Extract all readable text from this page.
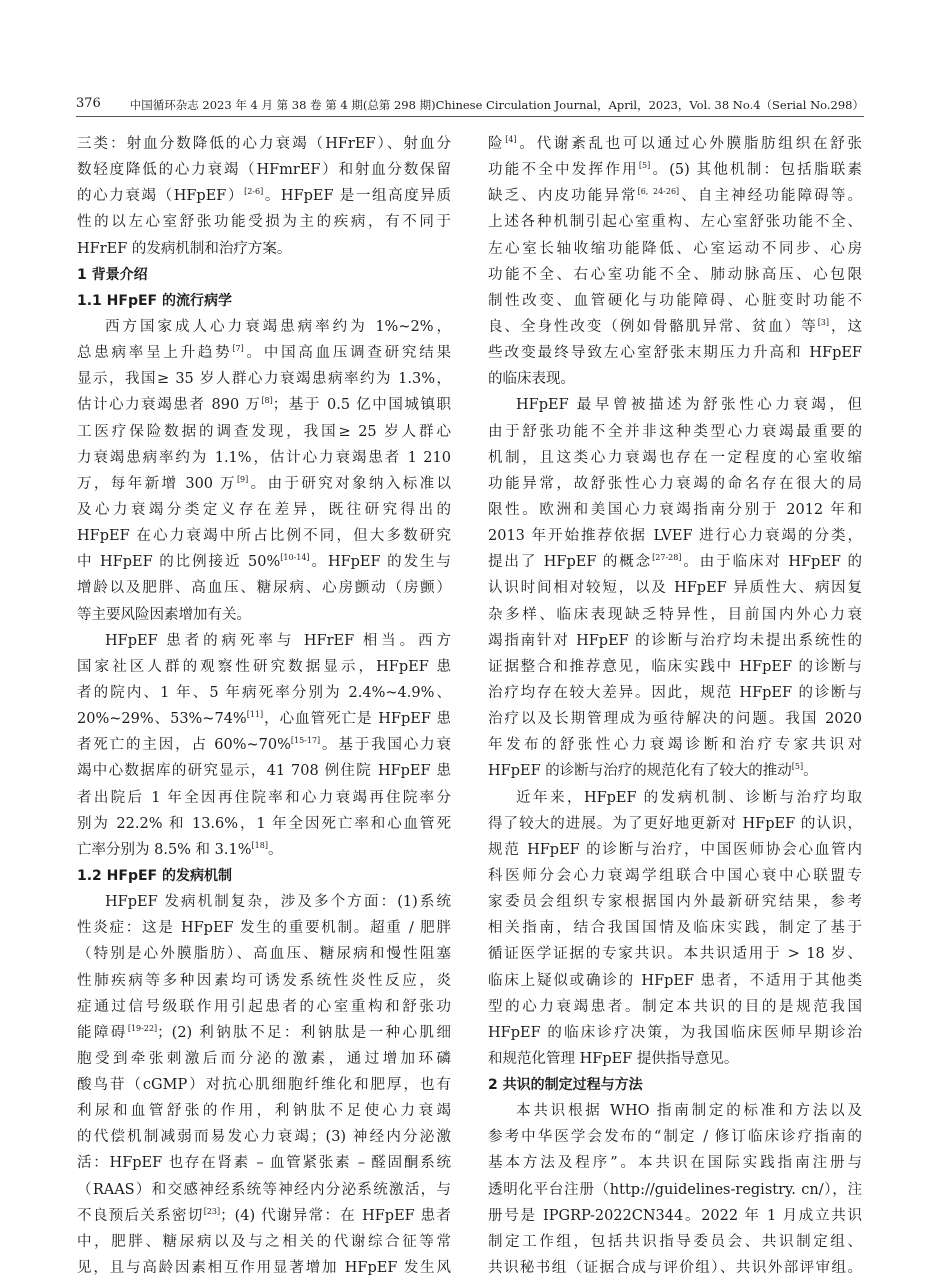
376	中国循环杂志 2023 年 4 月 第 38 卷 第 4 期(总第 298 期)Chinese Circulation Journal，April，2023，Vol. 38 No.4（Serial No.298）
三类：射血分数降低的心力衰竭（HFrEF）、射血分
数轻度降低的心力衰竭（HFmrEF）和射血分数保留
的心力衰竭（HFpEF）[2-6]。HFpEF 是一组高度异质
性的以左心室舒张功能受损为主的疾病，有不同于
HFrEF 的发病机制和治疗方案。
1 背景介绍
1.1 HFpEF 的流行病学
西方国家成人心力衰竭患病率约为 1%~2%，
总患病率呈上升趋势[7]。中国高血压调查研究结果
显示，我国≥ 35 岁人群心力衰竭患病率约为 1.3%，
估计心力衰竭患者 890 万[8]；基于 0.5 亿中国城镇职
工医疗保险数据的调查发现，我国≥ 25 岁人群心
力衰竭患病率约为 1.1%，估计心力衰竭患者 1 210
万，每年新增 300 万[9]。由于研究对象纳入标准以
及心力衰竭分类定义存在差异，既往研究得出的
HFpEF 在心力衰竭中所占比例不同，但大多数研究
中 HFpEF 的比例接近 50%[10-14]。HFpEF 的发生与
增龄以及肥胖、高血压、糖尿病、心房颤动（房颤）
等主要风险因素增加有关。
HFpEF 患者的病死率与 HFrEF 相当。西方
国家社区人群的观察性研究数据显示，HFpEF 患
者的院内、1 年、5 年病死率分别为 2.4%~4.9%、
20%~29%、53%~74%[11]，心血管死亡是 HFpEF 患
者死亡的主因，占 60%~70%[15-17]。基于我国心力衰
竭中心数据库的研究显示，41 708 例住院 HFpEF 患
者出院后 1 年全因再住院率和心力衰竭再住院率分
别为 22.2% 和 13.6%，1 年全因死亡率和心血管死
亡率分别为 8.5% 和 3.1%[18]。
1.2 HFpEF 的发病机制
HFpEF 发病机制复杂，涉及多个方面：(1)系统
性炎症：这是 HFpEF 发生的重要机制。超重 / 肥胖
（特别是心外膜脂肪）、高血压、糖尿病和慢性阻塞
性肺疾病等多种因素均可诱发系统性炎性反应，炎
症通过信号级联作用引起患者的心室重构和舒张功
能障碍[19-22]；(2) 利钠肽不足：利钠肽是一种心肌细
胞受到牵张刺激后而分泌的激素，通过增加环磷
酸鸟苷（cGMP）对抗心肌细胞纤维化和肥厚，也有
利尿和血管舒张的作用，利钠肽不足使心力衰竭
的代偿机制减弱而易发心力衰竭；(3) 神经内分泌激
活：HFpEF 也存在肾素 – 血管紧张素 – 醛固酮系统
（RAAS）和交感神经系统等神经内分泌系统激活，与
不良预后关系密切[23]；(4) 代谢异常：在 HFpEF 患者
中，肥胖、糖尿病以及与之相关的代谢综合征等常
见，且与高龄因素相互作用显著增加 HFpEF 发生风
险[4]。代谢紊乱也可以通过心外膜脂肪组织在舒张
功能不全中发挥作用[5]。(5) 其他机制：包括脂联素
缺乏、内皮功能异常[6, 24-26]、自主神经功能障碍等。
上述各种机制引起心室重构、左心室舒张功能不全、
左心室长轴收缩功能降低、心室运动不同步、心房
功能不全、右心室功能不全、肺动脉高压、心包限
制性改变、血管硬化与功能障碍、心脏变时功能不
良、全身性改变（例如骨骼肌异常、贫血）等[3]，这
些改变最终导致左心室舒张末期压力升高和 HFpEF
的临床表现。
HFpEF 最早曾被描述为舒张性心力衰竭，但
由于舒张功能不全并非这种类型心力衰竭最重要的
机制，且这类心力衰竭也存在一定程度的心室收缩
功能异常，故舒张性心力衰竭的命名存在很大的局
限性。欧洲和美国心力衰竭指南分别于 2012 年和
2013 年开始推荐依据 LVEF 进行心力衰竭的分类，
提出了 HFpEF 的概念[27-28]。由于临床对 HFpEF 的
认识时间相对较短，以及 HFpEF 异质性大、病因复
杂多样、临床表现缺乏特异性，目前国内外心力衰
竭指南针对 HFpEF 的诊断与治疗均未提出系统性的
证据整合和推荐意见，临床实践中 HFpEF 的诊断与
治疗均存在较大差异。因此，规范 HFpEF 的诊断与
治疗以及长期管理成为亟待解决的问题。我国 2020
年发布的舒张性心力衰竭诊断和治疗专家共识对
HFpEF 的诊断与治疗的规范化有了较大的推动[5]。
近年来，HFpEF 的发病机制、诊断与治疗均取
得了较大的进展。为了更好地更新对 HFpEF 的认识，
规范 HFpEF 的诊断与治疗，中国医师协会心血管内
科医师分会心力衰竭学组联合中国心衰中心联盟专
家委员会组织专家根据国内外最新研究结果，参考
相关指南，结合我国国情及临床实践，制定了基于
循证医学证据的专家共识。本共识适用于 > 18 岁、
临床上疑似或确诊的 HFpEF 患者，不适用于其他类
型的心力衰竭患者。制定本共识的目的是规范我国
HFpEF 的临床诊疗决策，为我国临床医师早期诊治
和规范化管理 HFpEF 提供指导意见。
2 共识的制定过程与方法
本共识根据 WHO 指南制定的标准和方法以及
参考中华医学会发布的“制定 / 修订临床诊疗指南的
基本方法及程序”。本共识在国际实践指南注册与
透明化平台注册（http://guidelines-registry. cn/），注
册号是 IPGRP-2022CN344。2022 年 1 月成立共识
制定工作组，包括共识指导委员会、共识制定组、
共识秘书组（证据合成与评价组）、共识外部评审组。
